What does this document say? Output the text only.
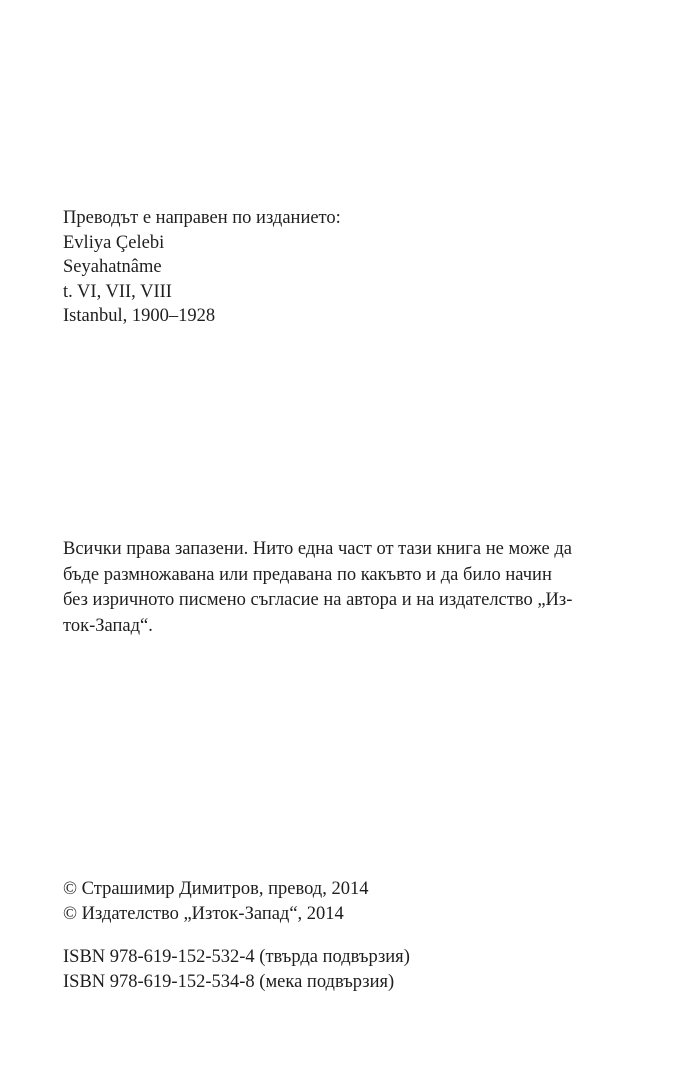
Преводът е направен по изданието:
Evliya Çelebi
Seyahatnâme
t. VI, VII, VIII
Istanbul, 1900–1928
Всички права запазени. Нито една част от тази книга не може да
бъде размножавана или предавана по какъвто и да било начин
без изричното писмено съгласие на автора и на издателство „Из-
ток-Запад“.
© Страшимир Димитров, превод, 2014
© Издателство „Изток-Запад“, 2014
ISBN 978-619-152-532-4 (твърда подвързия)
ISBN 978-619-152-534-8 (мека подвързия)
